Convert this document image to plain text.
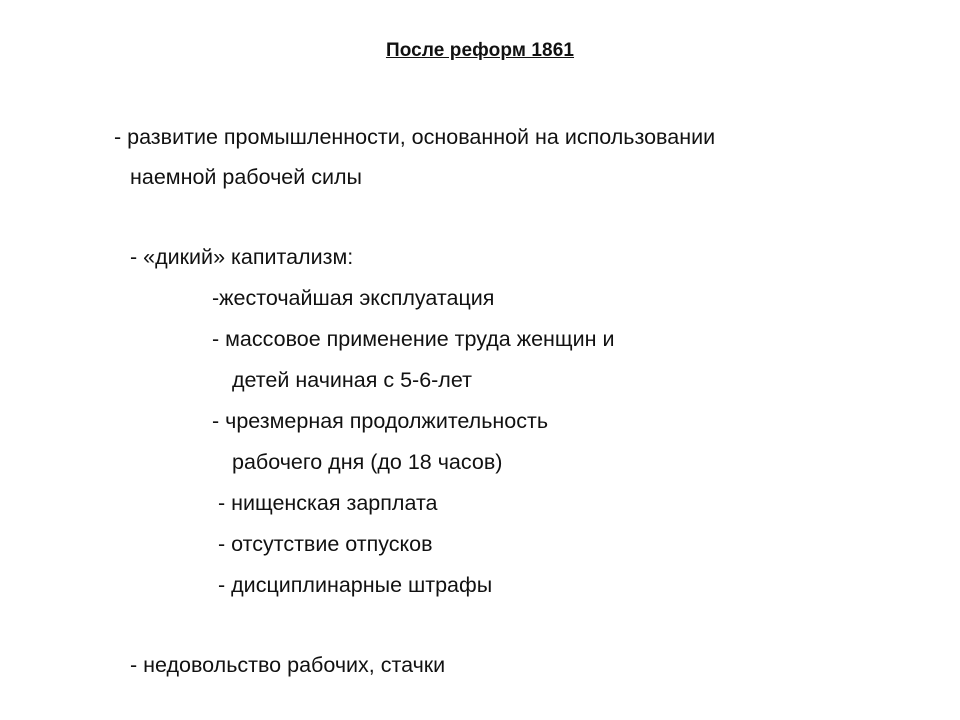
После реформ 1861
- развитие промышленности, основанной на использовании
наемной рабочей силы
- «дикий» капитализм:
-жесточайшая эксплуатация
- массовое применение труда женщин и
детей начиная с 5-6-лет
- чрезмерная продолжительность
рабочего дня (до 18 часов)
- нищенская зарплата
- отсутствие отпусков
- дисциплинарные штрафы
- недовольство рабочих, стачки
